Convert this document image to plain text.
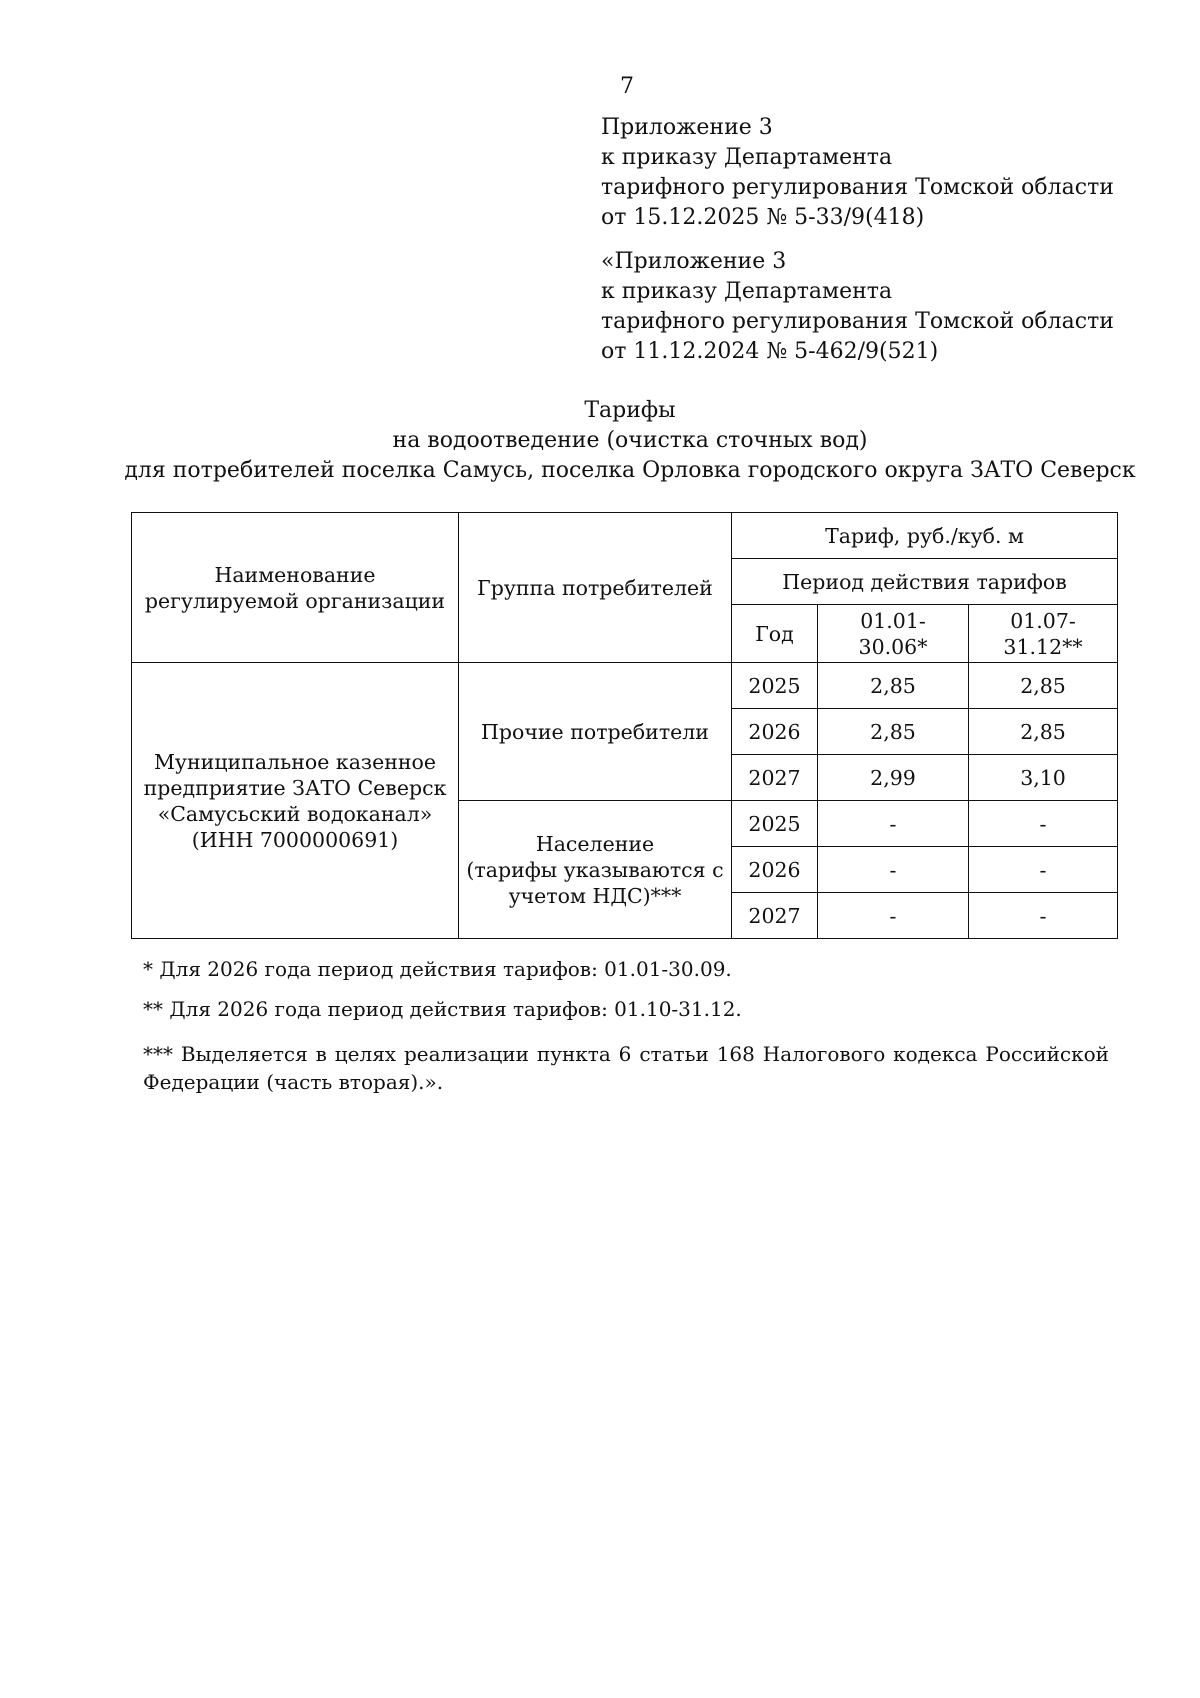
7
Приложение 3
к приказу Департамента
тарифного регулирования Томской области
от 15.12.2025 № 5-33/9(418)
«Приложение 3
к приказу Департамента
тарифного регулирования Томской области
от 11.12.2024 № 5-462/9(521)
Тарифы
на водоотведение (очистка сточных вод)
для потребителей поселка Самусь, поселка Орловка городского округа ЗАТО Северск
Наименование регулируемой организации	Группа потребителей	Тариф, руб./куб. м		
		Период действия тарифов		
		Год	01.01- 30.06*	01.07- 31.12**

Муниципальное казенное
предприятие ЗАТО Северск
«Самусьский водоканал»
(ИНН 7000000691)	Прочие потребители	2025	2,85	2,85
		2026	2,85	2,85
		2027	2,99	3,10

	Население
(тарифы указываются с
учетом НДС)***	2025	-	-
		2026	-	-
		2027	-	-
* Для 2026 года период действия тарифов: 01.01-30.09.
** Для 2026 года период действия тарифов: 01.10-31.12.
*** Выделяется в целях реализации пункта 6 статьи 168 Налогового кодекса Российской Федерации (часть вторая).».
